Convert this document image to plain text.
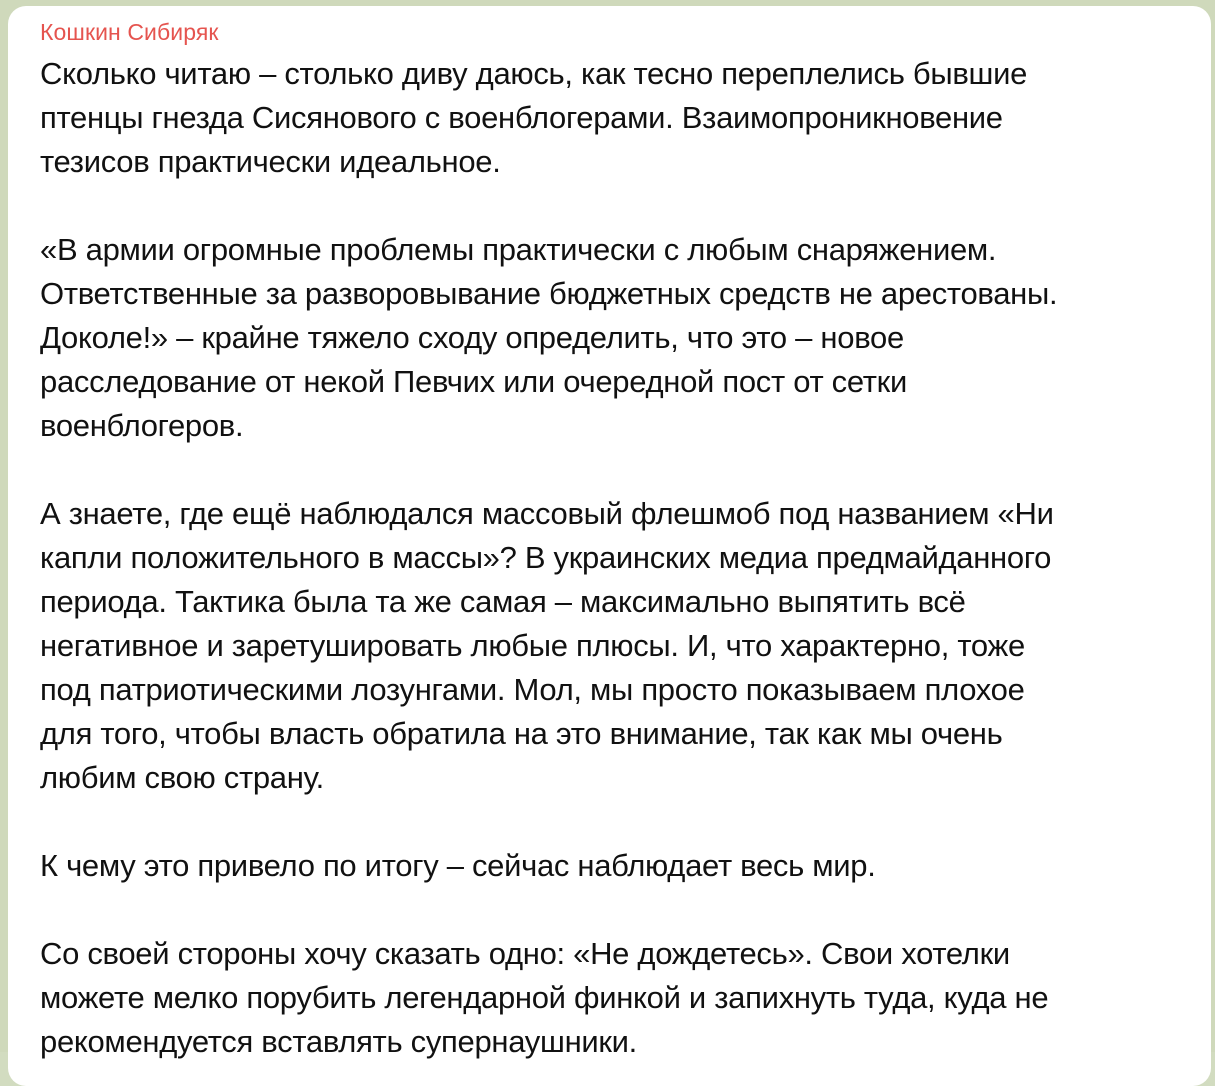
Кошкин Сибиряк
Сколько читаю – столько диву даюсь, как тесно переплелись бывшие
птенцы гнезда Сисянового с военблогерами. Взаимопроникновение
тезисов практически идеальное.
«В армии огромные проблемы практически с любым снаряжением.
Ответственные за разворовывание бюджетных средств не арестованы.
Доколе!» – крайне тяжело сходу определить, что это – новое
расследование от некой Певчих или очередной пост от сетки
военблогеров.
А знаете, где ещё наблюдался массовый флешмоб под названием «Ни
капли положительного в массы»? В украинских медиа предмайданного
периода. Тактика была та же самая – максимально выпятить всё
негативное и заретушировать любые плюсы. И, что характерно, тоже
под патриотическими лозунгами. Мол, мы просто показываем плохое
для того, чтобы власть обратила на это внимание, так как мы очень
любим свою страну.
К чему это привело по итогу – сейчас наблюдает весь мир.
Со своей стороны хочу сказать одно: «Не дождетесь». Свои хотелки
можете мелко порубить легендарной финкой и запихнуть туда, куда не
рекомендуется вставлять супернаушники.
